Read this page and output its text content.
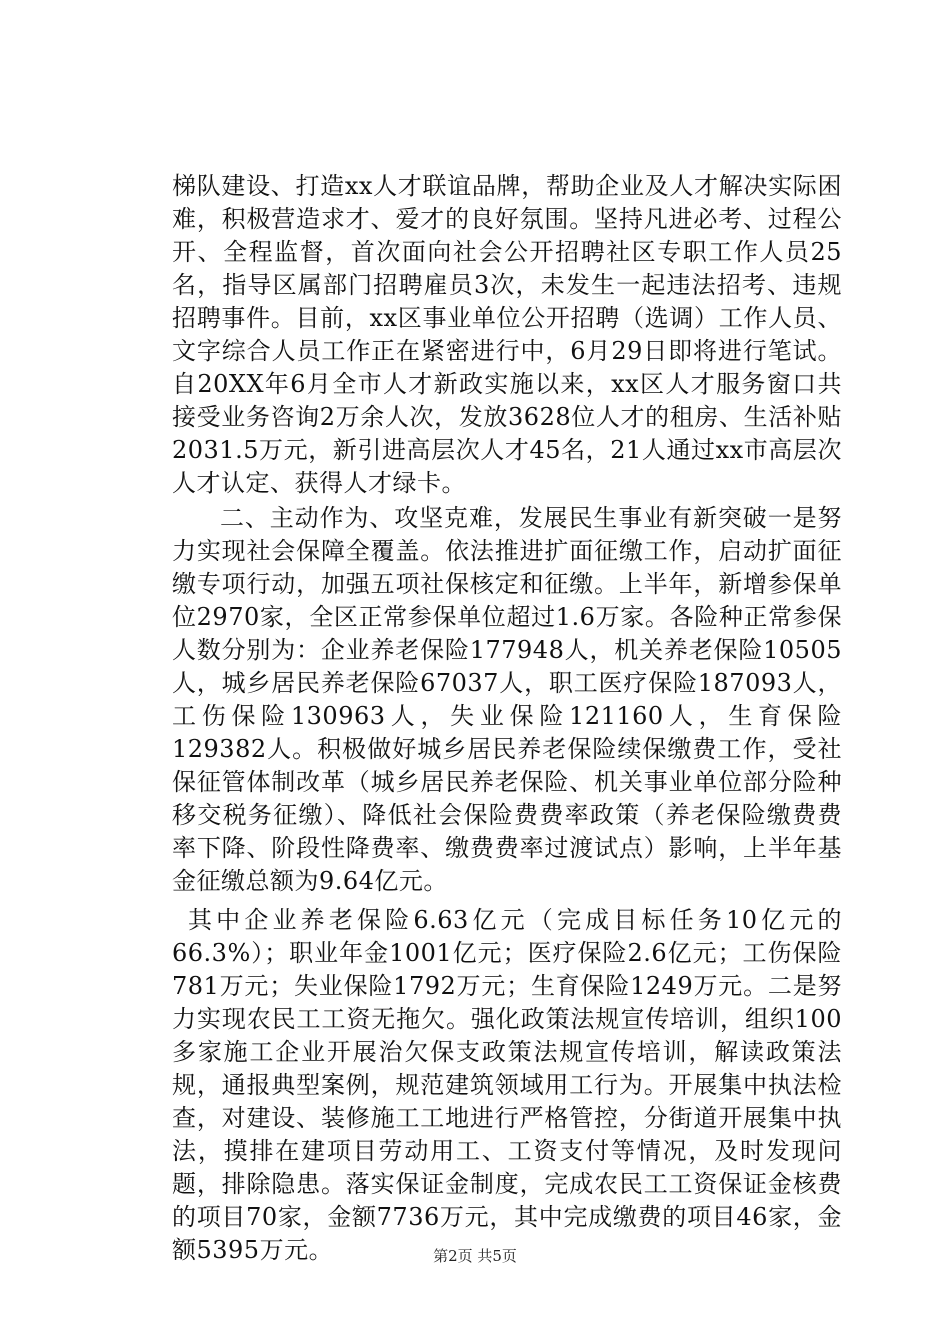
梯队建设、打造xx人才联谊品牌，帮助企业及人才解决实际困难，积极营造求才、爱才的良好氛围。坚持凡进必考、过程公开、全程监督，首次面向社会公开招聘社区专职工作人员25名，指导区属部门招聘雇员3次，未发生一起违法招考、违规招聘事件。目前，xx区事业单位公开招聘（选调）工作人员、文字综合人员工作正在紧密进行中，6月29日即将进行笔试。自20XX年6月全市人才新政实施以来，xx区人才服务窗口共接受业务咨询2万余人次，发放3628位人才的租房、生活补贴2031.5万元，新引进高层次人才45名，21人通过xx市高层次人才认定、获得人才绿卡。

二、主动作为、攻坚克难，发展民生事业有新突破一是努力实现社会保障全覆盖。依法推进扩面征缴工作，启动扩面征缴专项行动，加强五项社保核定和征缴。上半年，新增参保单位2970家，全区正常参保单位超过1.6万家。各险种正常参保人数分别为：企业养老保险177948人，机关养老保险10505人，城乡居民养老保险67037人，职工医疗保险187093人，工伤保险130963人，失业保险121160人，生育保险129382人。积极做好城乡居民养老保险续保缴费工作，受社保征管体制改革（城乡居民养老保险、机关事业单位部分险种移交税务征缴）、降低社会保险费费率政策（养老保险缴费费率下降、阶段性降费率、缴费费率过渡试点）影响，上半年基金征缴总额为9.64亿元。

其中企业养老保险6.63亿元（完成目标任务10亿元的66.3%）；职业年金1001亿元；医疗保险2.6亿元；工伤保险781万元；失业保险1792万元；生育保险1249万元。二是努力实现农民工工资无拖欠。强化政策法规宣传培训，组织100多家施工企业开展治欠保支政策法规宣传培训，解读政策法规，通报典型案例，规范建筑领域用工行为。开展集中执法检查，对建设、装修施工工地进行严格管控，分街道开展集中执法，摸排在建项目劳动用工、工资支付等情况，及时发现问题，排除隐患。落实保证金制度，完成农民工工资保证金核费的项目70家，金额7736万元，其中完成缴费的项目46家，金额5395万元。	第2页 共5页
